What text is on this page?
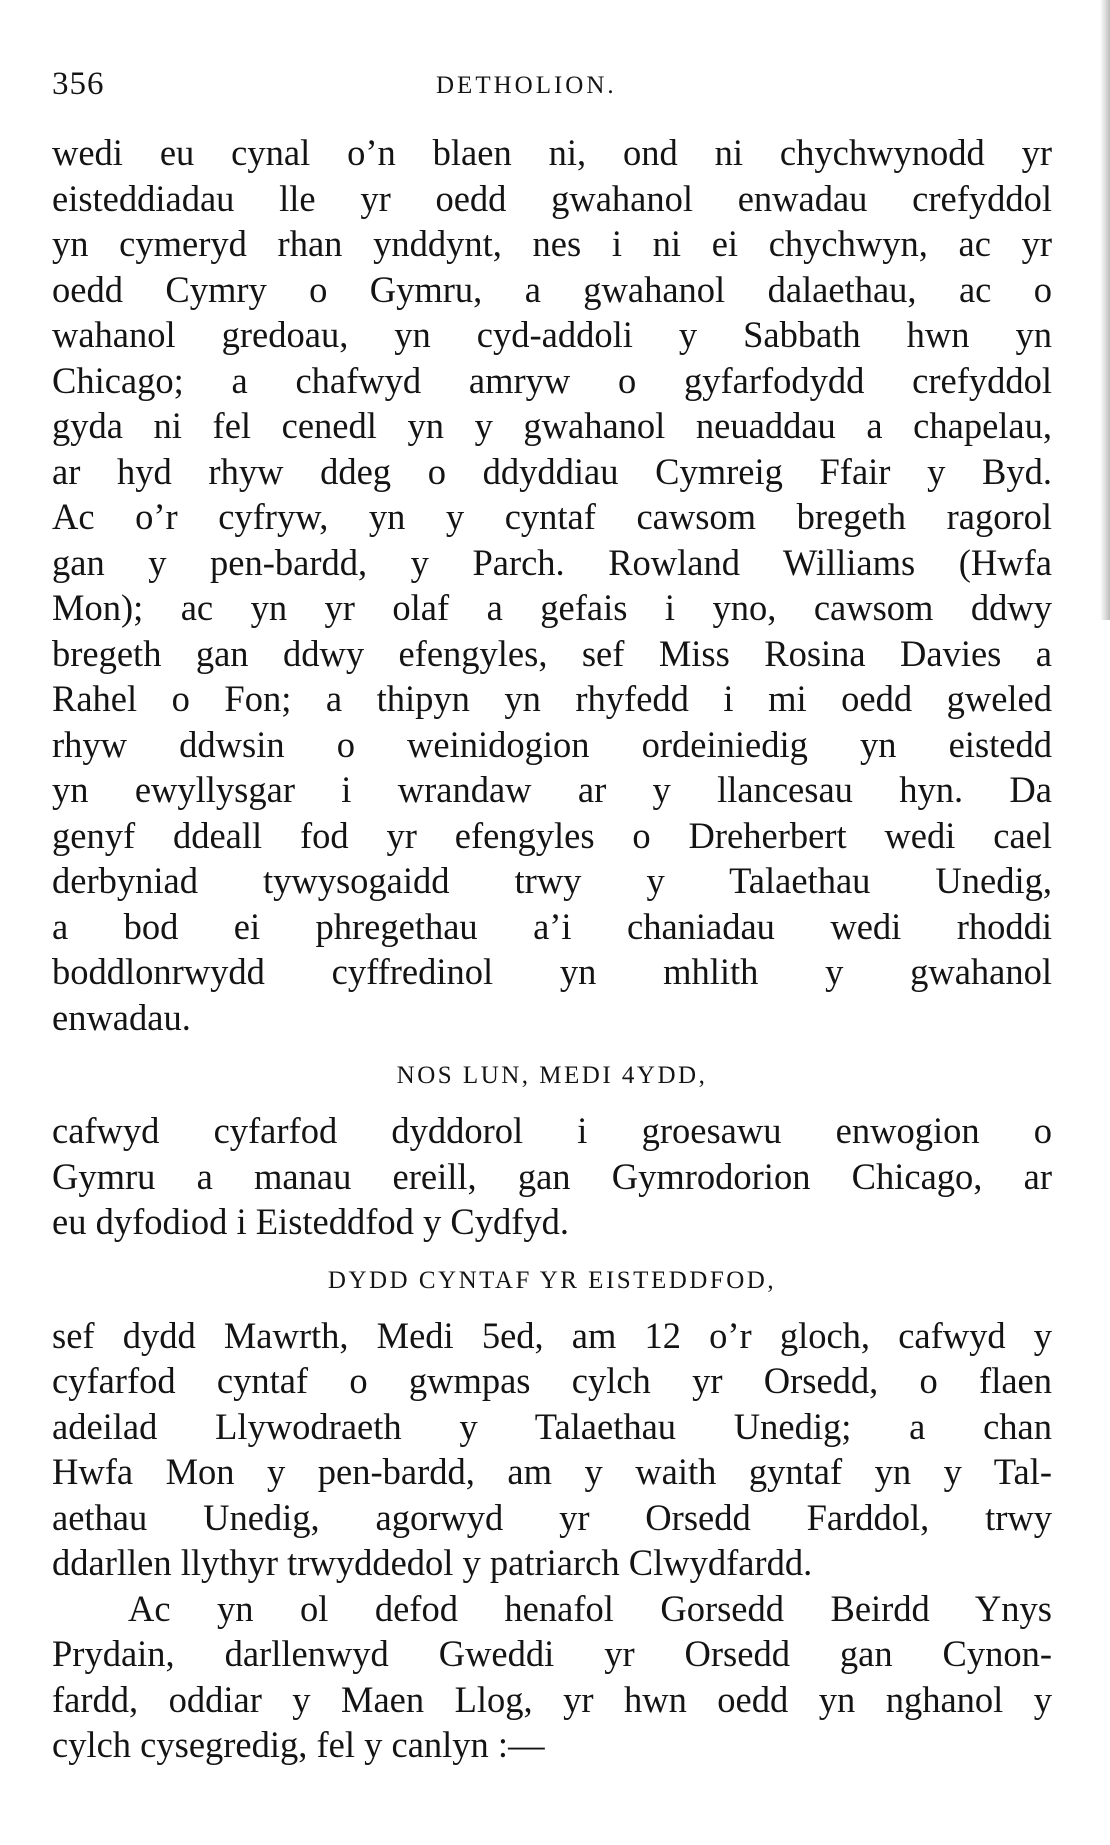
356	DETHOLION.
wedi eu cynal o’n blaen ni, ond ni chychwynodd yr
eisteddiadau lle yr oedd gwahanol enwadau crefyddol
yn cymeryd rhan ynddynt, nes i ni ei chychwyn, ac yr
oedd Cymry o Gymru, a gwahanol dalaethau, ac o
wahanol gredoau, yn cyd-addoli y Sabbath hwn yn
Chicago; a chafwyd amryw o gyfarfodydd crefyddol
gyda ni fel cenedl yn y gwahanol neuaddau a chapelau,
ar hyd rhyw ddeg o ddyddiau Cymreig Ffair y Byd.
Ac o’r cyfryw, yn y cyntaf cawsom bregeth ragorol
gan y pen-bardd, y Parch. Rowland Williams (Hwfa
Mon); ac yn yr olaf a gefais i yno, cawsom ddwy
bregeth gan ddwy efengyles, sef Miss Rosina Davies a
Rahel o Fon; a thipyn yn rhyfedd i mi oedd gweled
rhyw ddwsin o weinidogion ordeiniedig yn eistedd
yn ewyllysgar i wrandaw ar y llancesau hyn. Da
genyf ddeall fod yr efengyles o Dreherbert wedi cael
derbyniad tywysogaidd trwy y Talaethau Unedig,
a bod ei phregethau a’i chaniadau wedi rhoddi
boddlonrwydd cyffredinol yn mhlith y gwahanol
enwadau.
NOS LUN, MEDI 4YDD,
cafwyd cyfarfod dyddorol i groesawu enwogion o
Gymru a manau ereill, gan Gymrodorion Chicago, ar
eu dyfodiod i Eisteddfod y Cydfyd.
DYDD CYNTAF YR EISTEDDFOD,
sef dydd Mawrth, Medi 5ed, am 12 o’r gloch, cafwyd y
cyfarfod cyntaf o gwmpas cylch yr Orsedd, o flaen
adeilad Llywodraeth y Talaethau Unedig; a chan
Hwfa Mon y pen-bardd, am y waith gyntaf yn y Tal-
aethau Unedig, agorwyd yr Orsedd Farddol, trwy
ddarllen llythyr trwyddedol y patriarch Clwydfardd.
Ac yn ol defod henafol Gorsedd Beirdd Ynys
Prydain, darllenwyd Gweddi yr Orsedd gan Cynon-
fardd, oddiar y Maen Llog, yr hwn oedd yn nghanol y
cylch cysegredig, fel y canlyn :—
